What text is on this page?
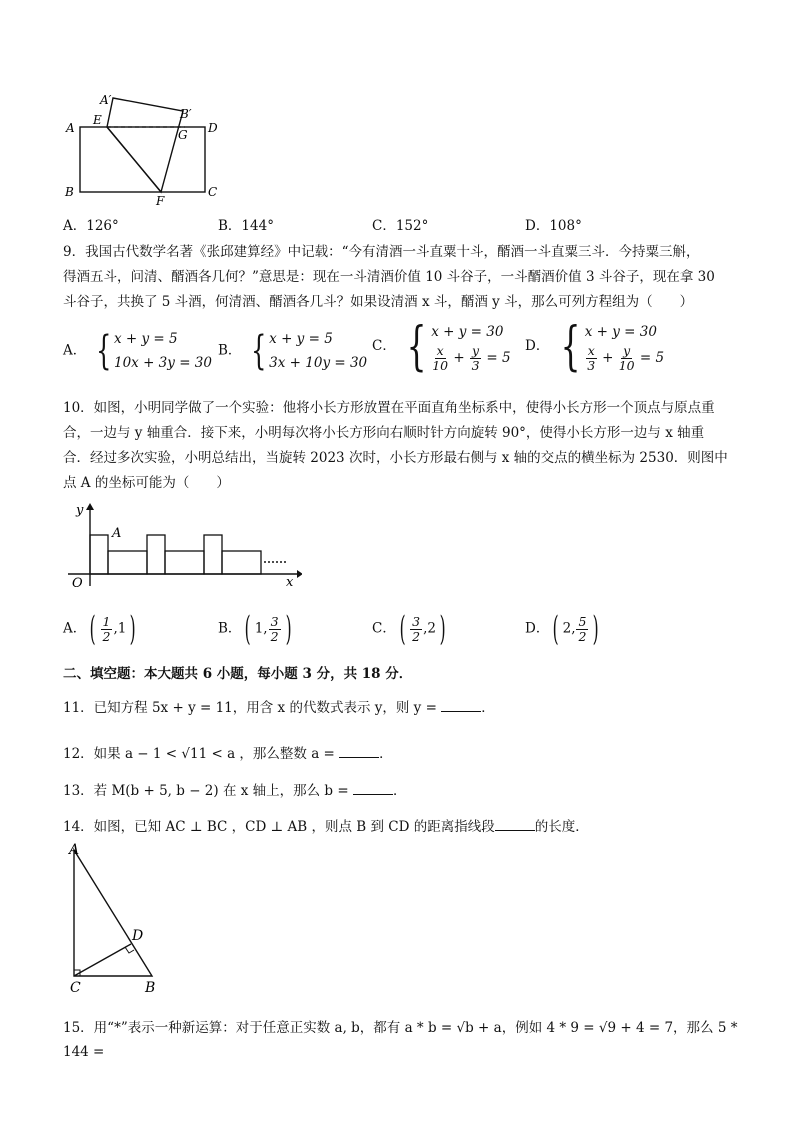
A′
B′
A
E
G D
B
F
C
A．126°	B．144°	C．152°	D．108°
9．我国古代数学名著《张邱建算经》中记载：“今有清酒一斗直粟十斗，醑酒一斗直粟三斗．今持粟三斛，
得酒五斗，问清、醑酒各几何？”意思是：现在一斗清酒价值 10 斗谷子，一斗醑酒价值 3 斗谷子，现在拿 30
斗谷子，共换了 5 斗酒，何清酒、醑酒各几斗？如果设清酒 x 斗，醑酒 y 斗，那么可列方程组为（　　）
A． { x + y = 5
10x + 3y = 30
B． { x + y = 5
3x + 10y = 30
C． { x + y = 30
$\frac{x}{10} + \frac{y}{3} = 5$
D． { x + y = 30
$\frac{x}{3} + \frac{y}{10} = 5$
10．如图，小明同学做了一个实验：他将小长方形放置在平面直角坐标系中，使得小长方形一个顶点与原点重
合，一边与 y 轴重合．接下来，小明每次将小长方形向右顺时针方向旋转 90°，使得小长方形一边与 x 轴重
合．经过多次实验，小明总结出，当旋转 2023 次时，小长方形最右侧与 x 轴的交点的横坐标为 2530．则图中
点 A 的坐标可能为（　　）
y
x
O
A
A． ( $\frac{1}{2} ,1$ )	B． ( 1, $\frac{3}{2}$ )	C． ( $\frac{3}{2} ,2$ )	D． ( 2, $\frac{5}{2}$ )
二、填空题：本大题共 6 小题，每小题 3 分，共 18 分．
11．已知方程 5x + y = 11，用含 x 的代数式表示 y，则 y =	．
12．如果 a − 1 < √11 < a ，那么整数 a =	．
13．若 M(b + 5, b − 2) 在 x 轴上，那么 b =	．
14．如图，已知 AC ⊥ BC ，CD ⊥ AB ，则点 B 到 CD 的距离指线段	的长度．
A
D
C	B
15．用“*”表示一种新运算：对于任意正实数 a, b，都有 a * b = √b + a，例如 4 * 9 = √9 + 4 = 7，那么 5 * 144 =
